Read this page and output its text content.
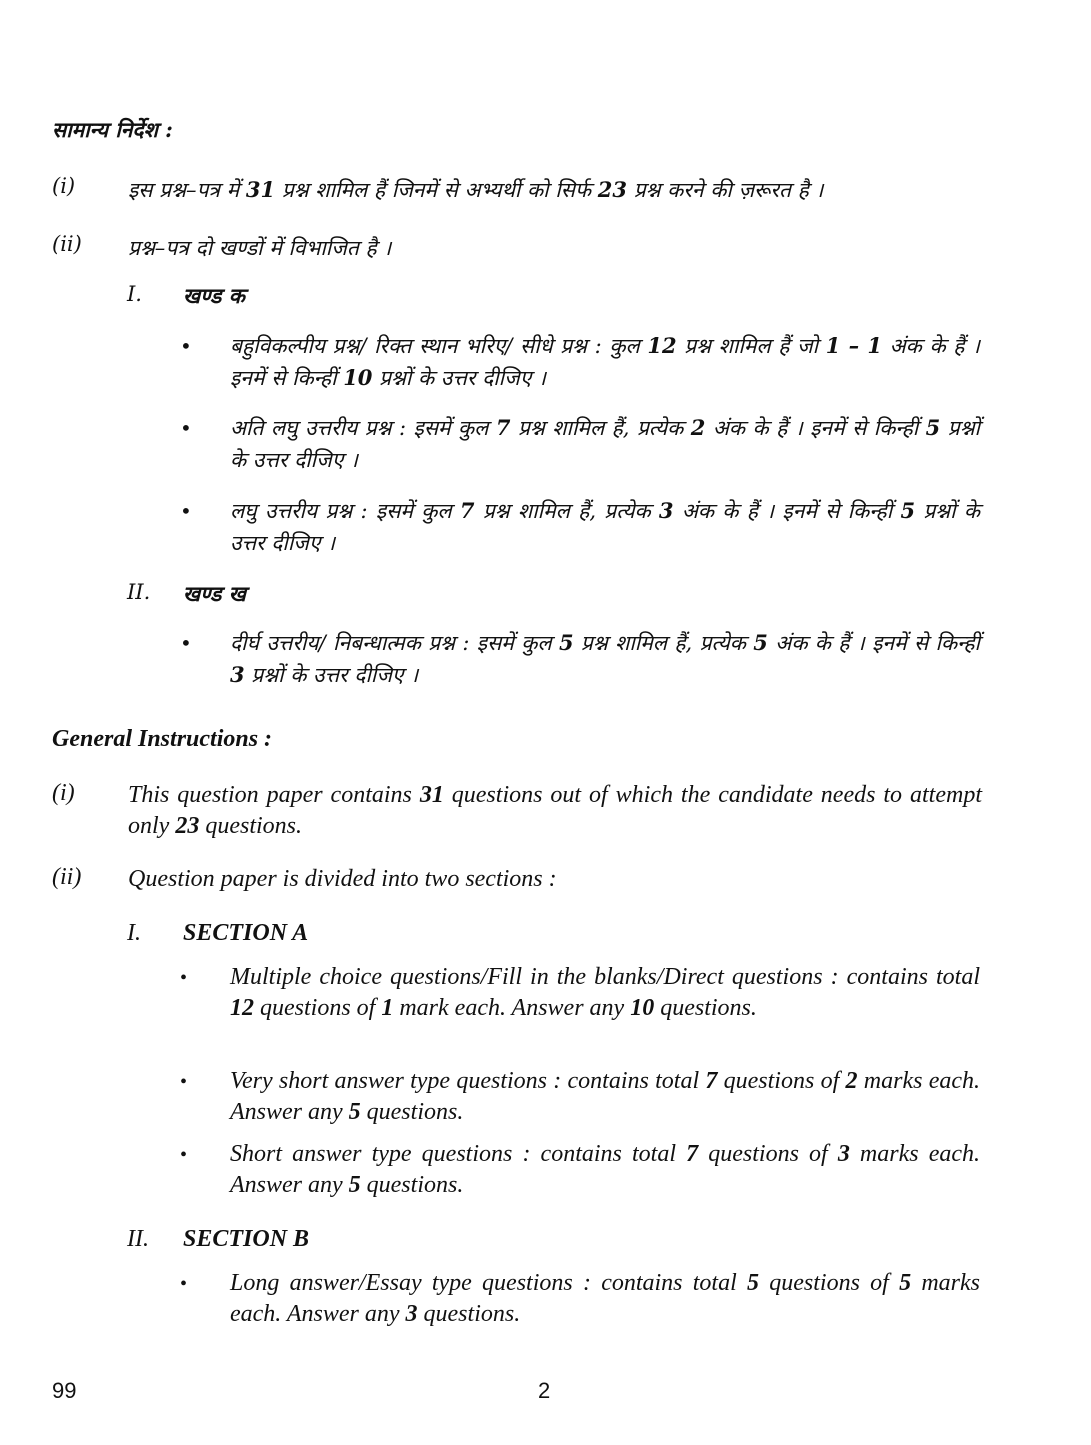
सामान्य निर्देश :
(i)	इस प्रश्न–पत्र में 31 प्रश्न शामिल हैं जिनमें से अभ्यर्थी को सिर्फ 23 प्रश्न करने की ज़रूरत है ।
(ii)	प्रश्न–पत्र दो खण्डों में विभाजित है ।
I.	खण्ड क
•	बहुविकल्पीय प्रश्न/ रिक्त स्थान भरिए/ सीधे प्रश्न : कुल 12 प्रश्न शामिल हैं जो 1 – 1 अंक के हैं । इनमें से किन्हीं 10 प्रश्नों के उत्तर दीजिए ।
•	अति लघु उत्तरीय प्रश्न : इसमें कुल 7 प्रश्न शामिल हैं, प्रत्येक 2 अंक के हैं । इनमें से किन्हीं 5 प्रश्नों के उत्तर दीजिए ।
•	लघु उत्तरीय प्रश्न : इसमें कुल 7 प्रश्न शामिल हैं, प्रत्येक 3 अंक के हैं । इनमें से किन्हीं 5 प्रश्नों के उत्तर दीजिए ।
II.	खण्ड ख
•	दीर्घ उत्तरीय/ निबन्धात्मक प्रश्न : इसमें कुल 5 प्रश्न शामिल हैं, प्रत्येक 5 अंक के हैं । इनमें से किन्हीं 3 प्रश्नों के उत्तर दीजिए ।
General Instructions :
(i)	This question paper contains 31 questions out of which the candidate needs to attempt only 23 questions.
(ii)	Question paper is divided into two sections :
I.	SECTION A
•	Multiple choice questions/Fill in the blanks/Direct questions : contains total 12 questions of 1 mark each. Answer any 10 questions.
•	Very short answer type questions : contains total 7 questions of 2 marks each. Answer any 5 questions.
•	Short answer type questions : contains total 7 questions of 3 marks each. Answer any 5 questions.
II.	SECTION B
•	Long answer/Essay type questions : contains total 5 questions of 5 marks each. Answer any 3 questions.
99	2
